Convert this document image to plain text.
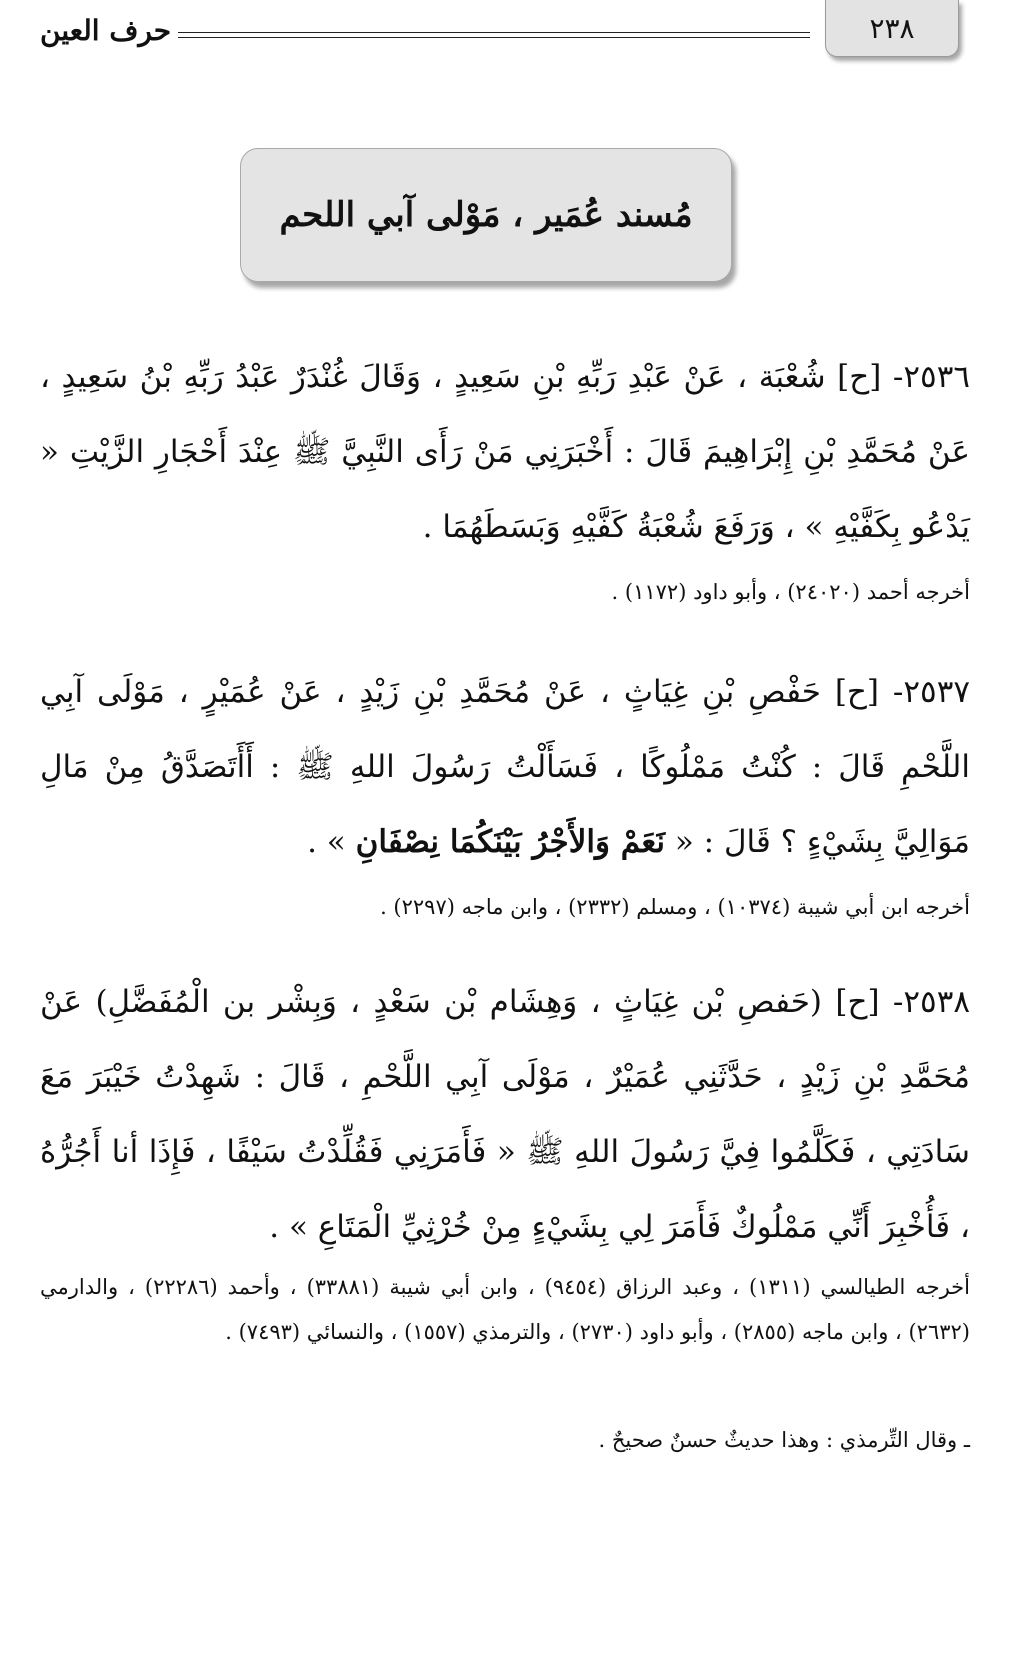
٢٣٨
حرف العين
مُسند عُمَير ، مَوْلى آبي اللحم
٢٥٣٦- [ح] شُعْبَة ، عَنْ عَبْدِ رَبِّهِ بْنِ سَعِيدٍ ، وَقَالَ غُنْدَرٌ عَبْدُ رَبِّهِ بْنُ سَعِيدٍ ، عَنْ مُحَمَّدِ بْنِ إِبْرَاهِيمَ قَالَ : أَخْبَرَنِي مَنْ رَأَى النَّبِيَّ ﷺ عِنْدَ أَحْجَارِ الزَّيْتِ « يَدْعُو بِكَفَّيْهِ » ، وَرَفَعَ شُعْبَةُ كَفَّيْهِ وَبَسَطَهُمَا .
أخرجه أحمد (٢٤٠٢٠) ، وأبو داود (١١٧٢) .
٢٥٣٧- [ح] حَفْصِ بْنِ غِيَاثٍ ، عَنْ مُحَمَّدِ بْنِ زَيْدٍ ، عَنْ عُمَيْرٍ ، مَوْلَى آبِي اللَّحْمِ قَالَ : كُنْتُ مَمْلُوكًا ، فَسَأَلْتُ رَسُولَ اللهِ ﷺ : أَأَتَصَدَّقُ مِنْ مَالِ مَوَالِيَّ بِشَيْءٍ ؟ قَالَ : « نَعَمْ وَالأَجْرُ بَيْنَكُمَا نِصْفَانِ » .
أخرجه ابن أبي شيبة (١٠٣٧٤) ، ومسلم (٢٣٣٢) ، وابن ماجه (٢٢٩٧) .
٢٥٣٨- [ح] (حَفصِ بْن غِيَاثٍ ، وَهِشَام بْن سَعْدٍ ، وَبِشْر بن الْمُفَضَّلِ) عَنْ مُحَمَّدِ بْنِ زَيْدٍ ، حَدَّثَنِي عُمَيْرٌ ، مَوْلَى آبِي اللَّحْمِ ، قَالَ : شَهِدْتُ خَيْبَرَ مَعَ سَادَتِي ، فَكَلَّمُوا فِيَّ رَسُولَ اللهِ ﷺ « فَأَمَرَنِي فَقُلِّدْتُ سَيْفًا ، فَإِذَا أنا أَجُرُّهُ ، فَأُخْبِرَ أَنِّي مَمْلُوكٌ فَأَمَرَ لِي بِشَيْءٍ مِنْ خُرْثِيِّ الْمَتَاعِ » .
أخرجه الطيالسي (١٣١١) ، وعبد الرزاق (٩٤٥٤) ، وابن أبي شيبة (٣٣٨٨١) ، وأحمد (٢٢٢٨٦) ، والدارمي (٢٦٣٢) ، وابن ماجه (٢٨٥٥) ، وأبو داود (٢٧٣٠) ، والترمذي (١٥٥٧) ، والنسائي (٧٤٩٣) .
ـ وقال التِّرمذي : وهذا حديثٌ حسنٌ صحيحٌ .
